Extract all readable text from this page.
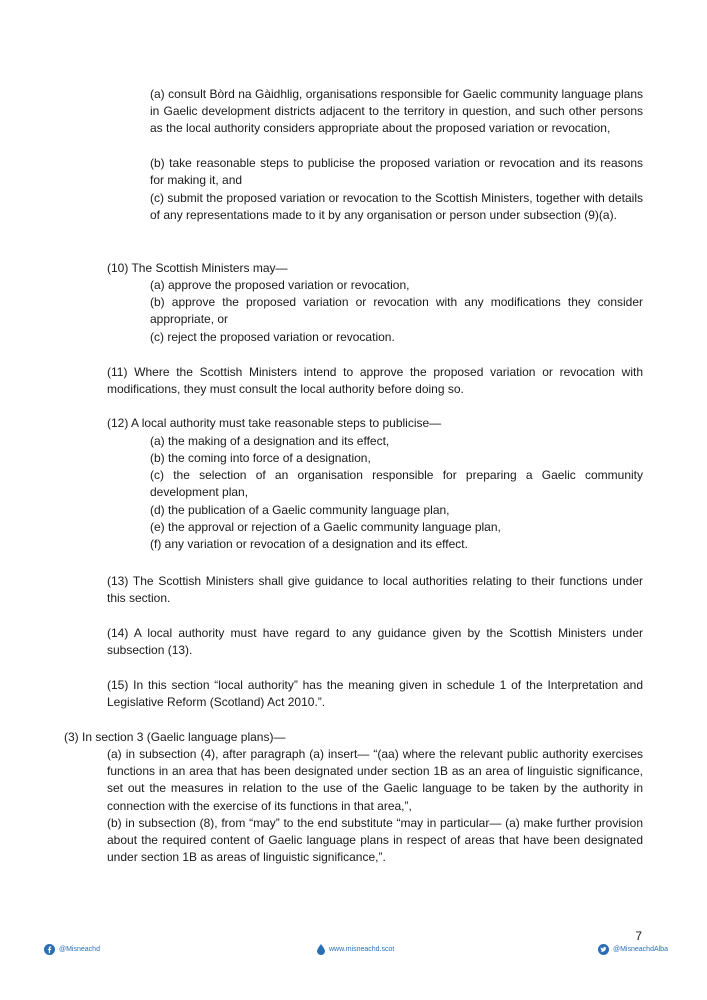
(a) consult Bòrd na Gàidhlig, organisations responsible for Gaelic community language plans in Gaelic development districts adjacent to the territory in question, and such other persons as the local authority considers appropriate about the proposed variation or revocation,

(b) take reasonable steps to publicise the proposed variation or revocation and its reasons for making it, and

(c) submit the proposed variation or revocation to the Scottish Ministers, together with details of any representations made to it by any organisation or person under subsection (9)(a).

(10) The Scottish Ministers may—

(a) approve the proposed variation or revocation,

(b) approve the proposed variation or revocation with any modifications they consider appropriate, or

(c) reject the proposed variation or revocation.

(11) Where the Scottish Ministers intend to approve the proposed variation or revocation with modifications, they must consult the local authority before doing so.

(12) A local authority must take reasonable steps to publicise—

(a) the making of a designation and its effect,

(b) the coming into force of a designation,

(c) the selection of an organisation responsible for preparing a Gaelic community development plan,

(d) the publication of a Gaelic community language plan,

(e) the approval or rejection of a Gaelic community language plan,

(f) any variation or revocation of a designation and its effect.

(13) The Scottish Ministers shall give guidance to local authorities relating to their functions under this section.

(14) A local authority must have regard to any guidance given by the Scottish Ministers under subsection (13).

(15) In this section “local authority” has the meaning given in schedule 1 of the Interpretation and Legislative Reform (Scotland) Act 2010.”.

(3) In section 3 (Gaelic language plans)—

(a) in subsection (4), after paragraph (a) insert— “(aa) where the relevant public authority exercises functions in an area that has been designated under section 1B as an area of linguistic significance, set out the measures in relation to the use of the Gaelic language to be taken by the authority in connection with the exercise of its functions in that area,”,

(b) in subsection (8), from “may” to the end substitute “may in particular— (a) make further provision about the required content of Gaelic language plans in respect of areas that have been designated under section 1B as areas of linguistic significance,”.

7
@Misneachd	www.misneachd.scot	@MisneachdAlba
